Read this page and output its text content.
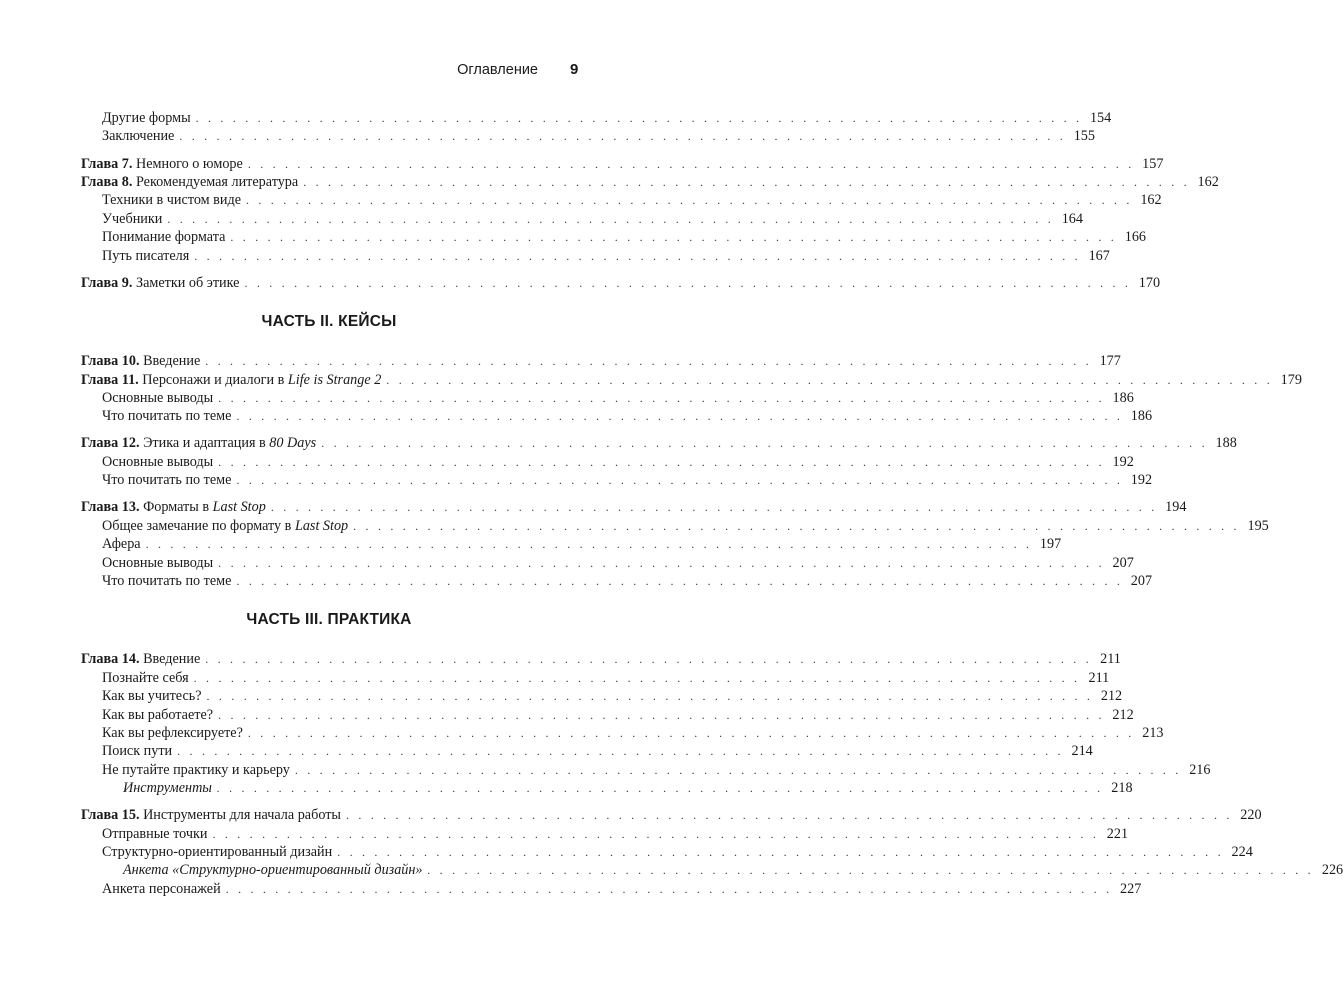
Оглавление 9
Другие формы . . . . . . . . . . . . . . . . . . . . . . . . . . . . . . . . . . . . . . . . . . . . . . . . . . . . . . . . . . . . . . . . . . . . . . . . 154
Заключение . . . . . . . . . . . . . . . . . . . . . . . . . . . . . . . . . . . . . . . . . . . . . . . . . . . . . . . . . . . . . . . . . . . . . . . . 155
Глава 7. Немного о юморе . . . . . . . . . . . . . . . . . . . . . . . . . . . . . . . . . . . . . . . . . . . . . . . . . . . . . . . . . . . . . . . . . . . . . . . . 157
Глава 8. Рекомендуемая литература . . . . . . . . . . . . . . . . . . . . . . . . . . . . . . . . . . . . . . . . . . . . . . . . . . . . . . . . . . . . . . . . . . . . . . . . 162
Техники в чистом виде . . . . . . . . . . . . . . . . . . . . . . . . . . . . . . . . . . . . . . . . . . . . . . . . . . . . . . . . . . . . . . . . . . . . . . . . 162
Учебники . . . . . . . . . . . . . . . . . . . . . . . . . . . . . . . . . . . . . . . . . . . . . . . . . . . . . . . . . . . . . . . . . . . . . . . . 164
Понимание формата . . . . . . . . . . . . . . . . . . . . . . . . . . . . . . . . . . . . . . . . . . . . . . . . . . . . . . . . . . . . . . . . . . . . . . . . 166
Путь писателя . . . . . . . . . . . . . . . . . . . . . . . . . . . . . . . . . . . . . . . . . . . . . . . . . . . . . . . . . . . . . . . . . . . . . . . . 167
Глава 9. Заметки об этике . . . . . . . . . . . . . . . . . . . . . . . . . . . . . . . . . . . . . . . . . . . . . . . . . . . . . . . . . . . . . . . . . . . . . . . . 170
ЧАСТЬ II. КЕЙСЫ
Глава 10. Введение . . . . . . . . . . . . . . . . . . . . . . . . . . . . . . . . . . . . . . . . . . . . . . . . . . . . . . . . . . . . . . . . . . . . . . . . 177
Глава 11. Персонажи и диалоги в Life is Strange 2 . . . . . . . . . . . . . . . . . . . . . . . . . . . . . . . . . . . . . . . . . . . . . . . . . . . . . . . . . . . . . . . . . . . . . . . . 179
Основные выводы . . . . . . . . . . . . . . . . . . . . . . . . . . . . . . . . . . . . . . . . . . . . . . . . . . . . . . . . . . . . . . . . . . . . . . . . 186
Что почитать по теме . . . . . . . . . . . . . . . . . . . . . . . . . . . . . . . . . . . . . . . . . . . . . . . . . . . . . . . . . . . . . . . . . . . . . . . . 186
Глава 12. Этика и адаптация в 80 Days . . . . . . . . . . . . . . . . . . . . . . . . . . . . . . . . . . . . . . . . . . . . . . . . . . . . . . . . . . . . . . . . . . . . . . . . 188
Основные выводы . . . . . . . . . . . . . . . . . . . . . . . . . . . . . . . . . . . . . . . . . . . . . . . . . . . . . . . . . . . . . . . . . . . . . . . . 192
Что почитать по теме . . . . . . . . . . . . . . . . . . . . . . . . . . . . . . . . . . . . . . . . . . . . . . . . . . . . . . . . . . . . . . . . . . . . . . . . 192
Глава 13. Форматы в Last Stop . . . . . . . . . . . . . . . . . . . . . . . . . . . . . . . . . . . . . . . . . . . . . . . . . . . . . . . . . . . . . . . . . . . . . . . . 194
Общее замечание по формату в Last Stop . . . . . . . . . . . . . . . . . . . . . . . . . . . . . . . . . . . . . . . . . . . . . . . . . . . . . . . . . . . . . . . . . . . . . . . . 195
Афера . . . . . . . . . . . . . . . . . . . . . . . . . . . . . . . . . . . . . . . . . . . . . . . . . . . . . . . . . . . . . . . . . . . . . . . . 197
Основные выводы . . . . . . . . . . . . . . . . . . . . . . . . . . . . . . . . . . . . . . . . . . . . . . . . . . . . . . . . . . . . . . . . . . . . . . . . 207
Что почитать по теме . . . . . . . . . . . . . . . . . . . . . . . . . . . . . . . . . . . . . . . . . . . . . . . . . . . . . . . . . . . . . . . . . . . . . . . . 207
ЧАСТЬ III. ПРАКТИКА
Глава 14. Введение . . . . . . . . . . . . . . . . . . . . . . . . . . . . . . . . . . . . . . . . . . . . . . . . . . . . . . . . . . . . . . . . . . . . . . . . 211
Познайте себя . . . . . . . . . . . . . . . . . . . . . . . . . . . . . . . . . . . . . . . . . . . . . . . . . . . . . . . . . . . . . . . . . . . . . . . . 211
Как вы учитесь? . . . . . . . . . . . . . . . . . . . . . . . . . . . . . . . . . . . . . . . . . . . . . . . . . . . . . . . . . . . . . . . . . . . . . . . . 212
Как вы работаете? . . . . . . . . . . . . . . . . . . . . . . . . . . . . . . . . . . . . . . . . . . . . . . . . . . . . . . . . . . . . . . . . . . . . . . . . 212
Как вы рефлексируете? . . . . . . . . . . . . . . . . . . . . . . . . . . . . . . . . . . . . . . . . . . . . . . . . . . . . . . . . . . . . . . . . . . . . . . . . 213
Поиск пути . . . . . . . . . . . . . . . . . . . . . . . . . . . . . . . . . . . . . . . . . . . . . . . . . . . . . . . . . . . . . . . . . . . . . . . . 214
Не путайте практику и карьеру . . . . . . . . . . . . . . . . . . . . . . . . . . . . . . . . . . . . . . . . . . . . . . . . . . . . . . . . . . . . . . . . . . . . . . . . 216
Инструменты . . . . . . . . . . . . . . . . . . . . . . . . . . . . . . . . . . . . . . . . . . . . . . . . . . . . . . . . . . . . . . . . . . . . . . . . 218
Глава 15. Инструменты для начала работы . . . . . . . . . . . . . . . . . . . . . . . . . . . . . . . . . . . . . . . . . . . . . . . . . . . . . . . . . . . . . . . . . . . . . . . . 220
Отправные точки . . . . . . . . . . . . . . . . . . . . . . . . . . . . . . . . . . . . . . . . . . . . . . . . . . . . . . . . . . . . . . . . . . . . . . . . 221
Структурно-ориентированный дизайн . . . . . . . . . . . . . . . . . . . . . . . . . . . . . . . . . . . . . . . . . . . . . . . . . . . . . . . . . . . . . . . . . . . . . . . . 224
Анкета «Структурно-ориентированный дизайн» . . . . . . . . . . . . . . . . . . . . . . . . . . . . . . . . . . . . . . . . . . . . . . . . . . . . . . . . . . . . . . . . . . . . . . . . 226
Анкета персонажей . . . . . . . . . . . . . . . . . . . . . . . . . . . . . . . . . . . . . . . . . . . . . . . . . . . . . . . . . . . . . . . . . . . . . . . . 227
